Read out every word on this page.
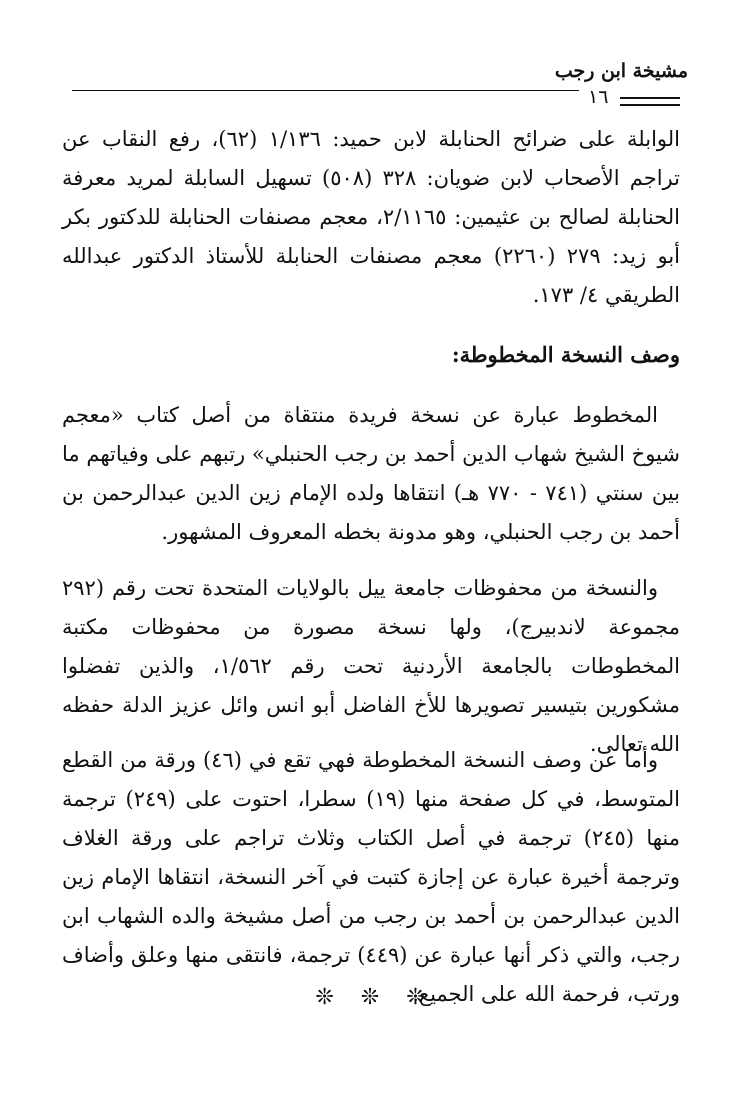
مشيخة ابن رجب
١٦

الوابلة على ضرائح الحنابلة لابن حميد: ١/١٣٦ (٦٢)، رفع النقاب عن تراجم الأصحاب لابن ضويان: ٣٢٨ (٥٠٨) تسهيل السابلة لمريد معرفة الحنابلة لصالح بن عثيمين: ٢/١١٦٥، معجم مصنفات الحنابلة للدكتور بكر أبو زيد: ٢٧٩ (٢٢٦٠) معجم مصنفات الحنابلة للأستاذ الدكتور عبدالله الطريقي ٤/ ١٧٣.

وصف النسخة المخطوطة:

المخطوط عبارة عن نسخة فريدة منتقاة من أصل كتاب «معجم شيوخ الشيخ شهاب الدين أحمد بن رجب الحنبلي» رتبهم على وفياتهم ما بين سنتي (٧٤١ - ٧٧٠ هـ) انتقاها ولده الإمام زين الدين عبدالرحمن بن أحمد بن رجب الحنبلي، وهو مدونة بخطه المعروف المشهور.

والنسخة من محفوظات جامعة ييل بالولايات المتحدة تحت رقم (٢٩٢ مجموعة لاندبيرج)، ولها نسخة مصورة من محفوظات مكتبة المخطوطات بالجامعة الأردنية تحت رقم ١/٥٦٢، والذين تفضلوا مشكورين بتيسير تصويرها للأخ الفاضل أبو انس وائل عزيز الدلة حفظه الله تعالى.

وأما عن وصف النسخة المخطوطة فهي تقع في (٤٦) ورقة من القطع المتوسط، في كل صفحة منها (١٩) سطرا، احتوت على (٢٤٩) ترجمة منها (٢٤٥) ترجمة في أصل الكتاب وثلاث تراجم على ورقة الغلاف وترجمة أخيرة عبارة عن إجازة كتبت في آخر النسخة، انتقاها الإمام زين الدين عبدالرحمن بن أحمد بن رجب من أصل مشيخة والده الشهاب ابن رجب، والتي ذكر أنها عبارة عن (٤٤٩) ترجمة، فانتقى منها وعلق وأضاف ورتب، فرحمة الله على الجميع.

❊ ❊ ❊
